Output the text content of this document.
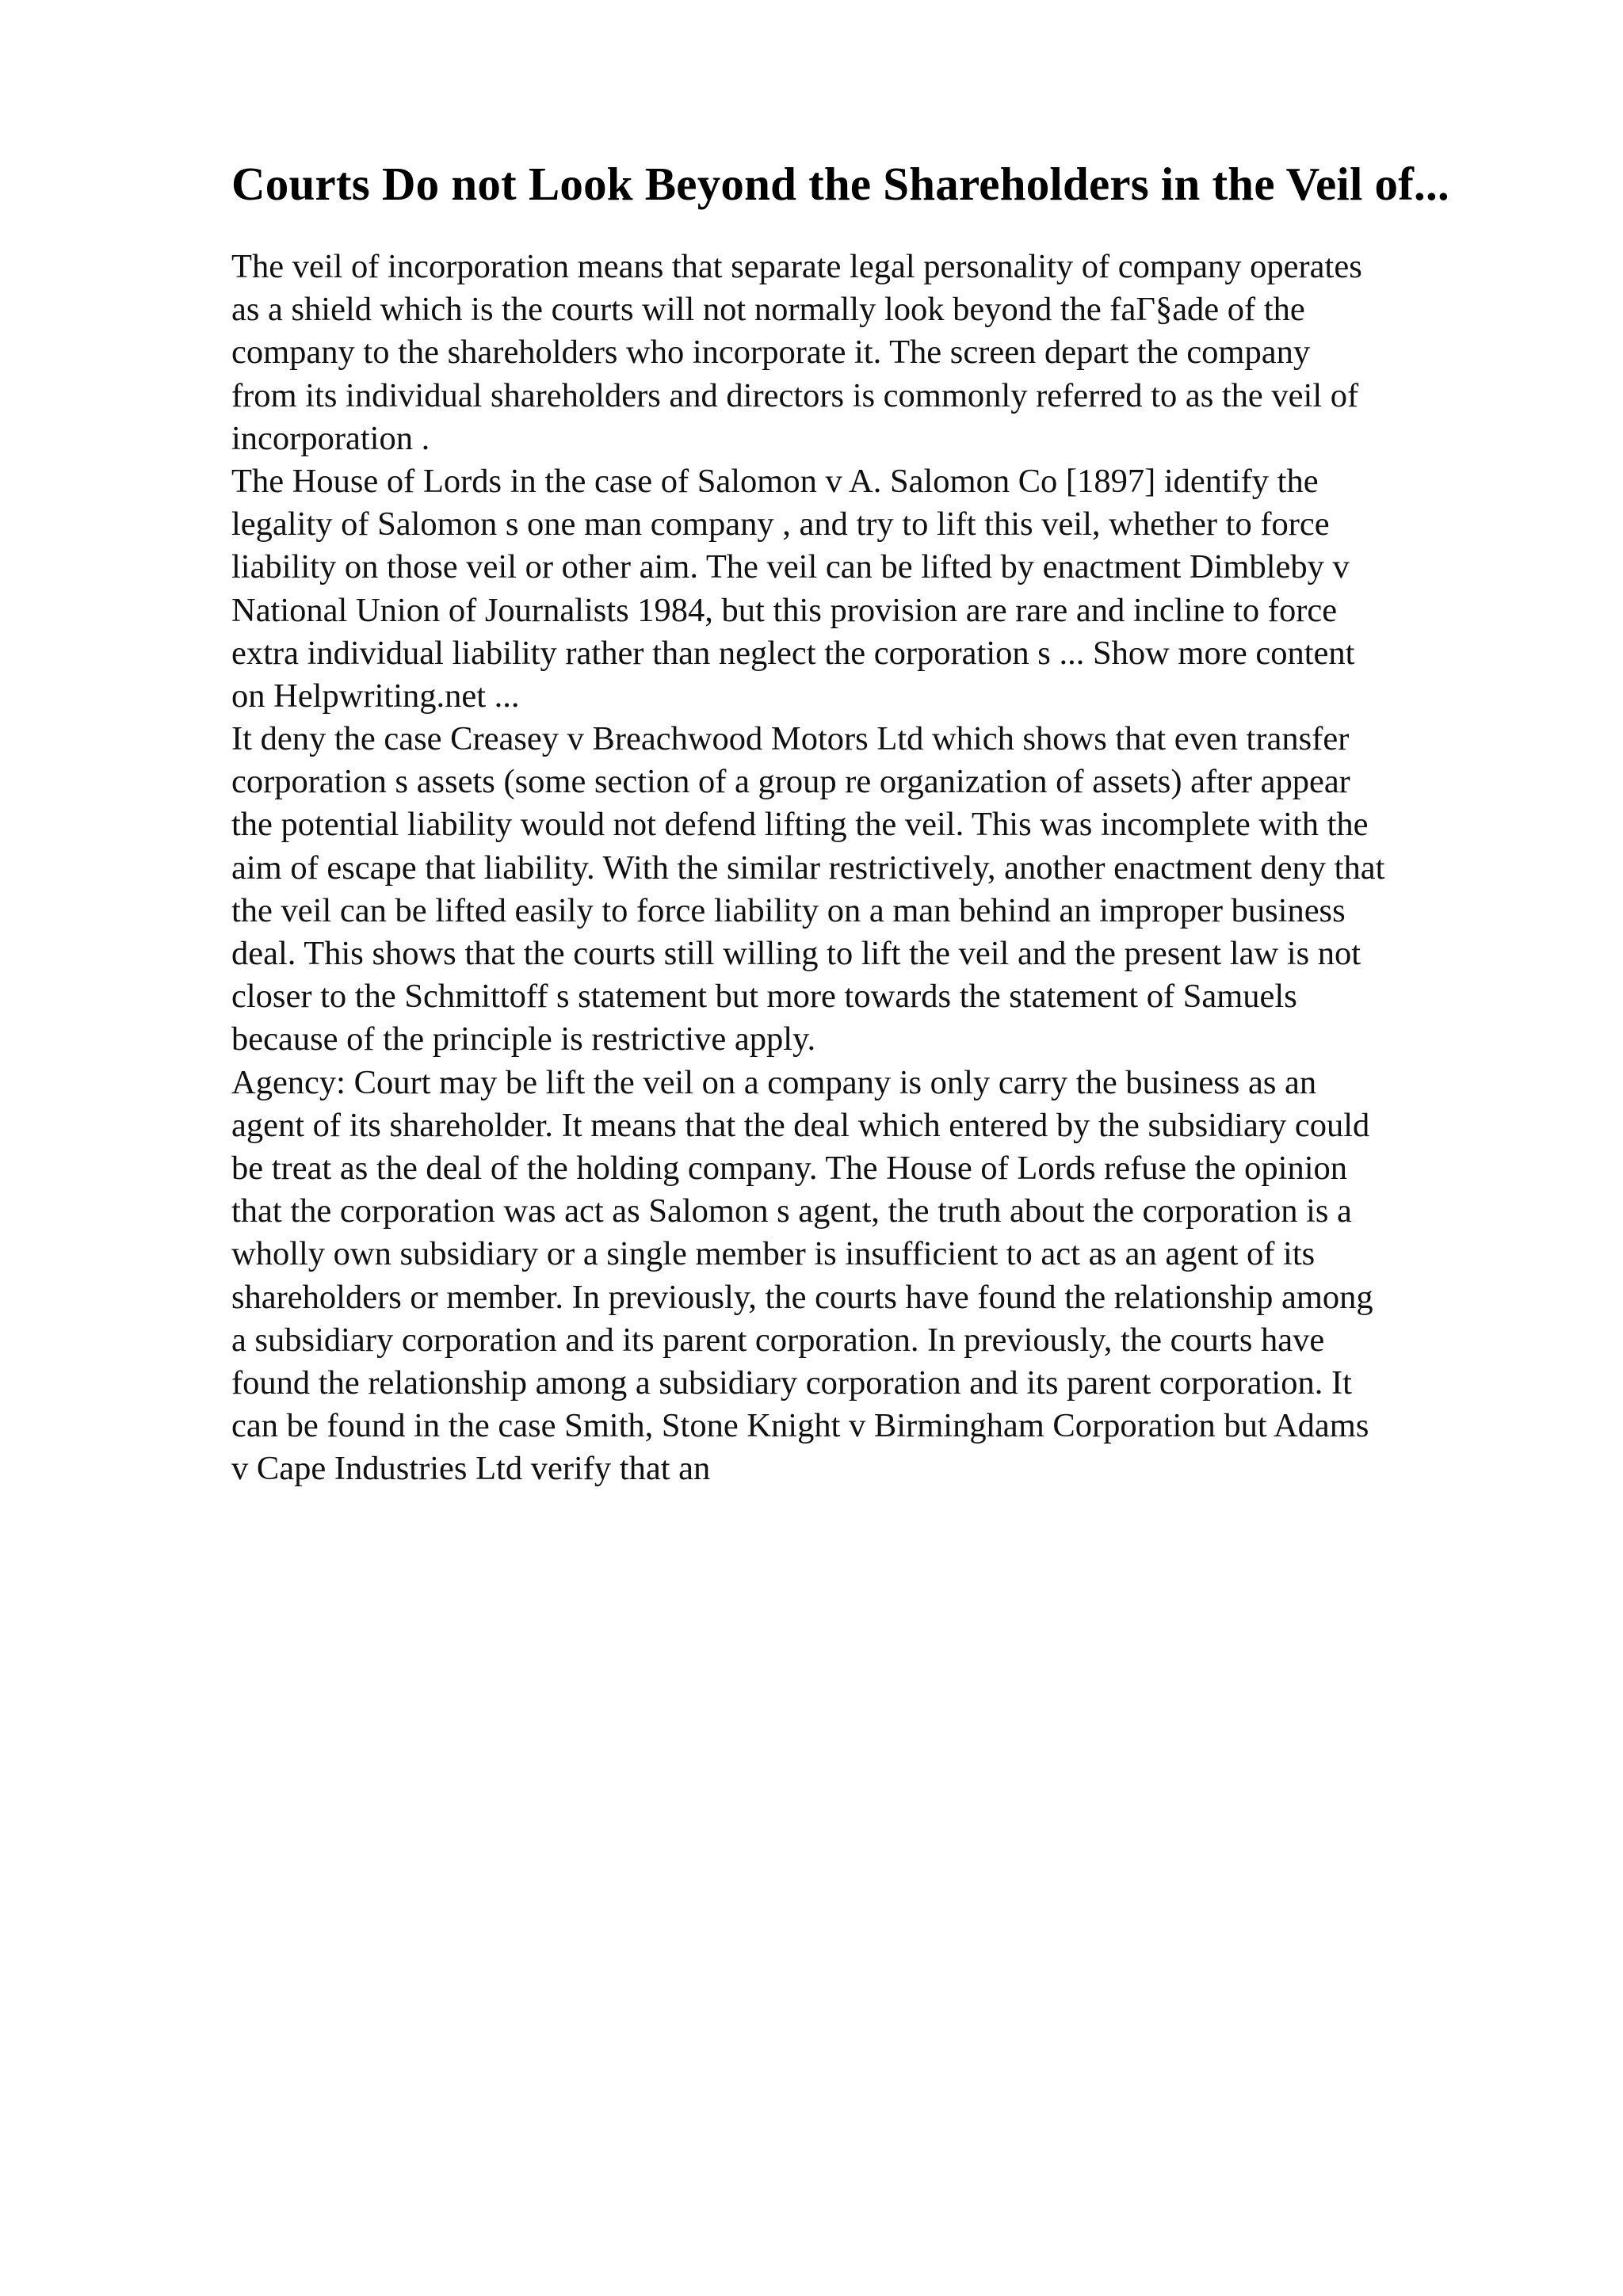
Courts Do not Look Beyond the Shareholders in the Veil of...
The veil of incorporation means that separate legal personality of company operates
as a shield which is the courts will not normally look beyond the faГ§ade of the
company to the shareholders who incorporate it. The screen depart the company
from its individual shareholders and directors is commonly referred to as the veil of
incorporation .
The House of Lords in the case of Salomon v A. Salomon Co [1897] identify the
legality of Salomon s one man company , and try to lift this veil, whether to force
liability on those veil or other aim. The veil can be lifted by enactment Dimbleby v
National Union of Journalists 1984, but this provision are rare and incline to force
extra individual liability rather than neglect the corporation s ... Show more content
on Helpwriting.net ...
It deny the case Creasey v Breachwood Motors Ltd which shows that even transfer
corporation s assets (some section of a group re organization of assets) after appear
the potential liability would not defend lifting the veil. This was incomplete with the
aim of escape that liability. With the similar restrictively, another enactment deny that
the veil can be lifted easily to force liability on a man behind an improper business
deal. This shows that the courts still willing to lift the veil and the present law is not
closer to the Schmittoff s statement but more towards the statement of Samuels
because of the principle is restrictive apply.
Agency: Court may be lift the veil on a company is only carry the business as an
agent of its shareholder. It means that the deal which entered by the subsidiary could
be treat as the deal of the holding company. The House of Lords refuse the opinion
that the corporation was act as Salomon s agent, the truth about the corporation is a
wholly own subsidiary or a single member is insufficient to act as an agent of its
shareholders or member. In previously, the courts have found the relationship among
a subsidiary corporation and its parent corporation. In previously, the courts have
found the relationship among a subsidiary corporation and its parent corporation. It
can be found in the case Smith, Stone Knight v Birmingham Corporation but Adams
v Cape Industries Ltd verify that an
